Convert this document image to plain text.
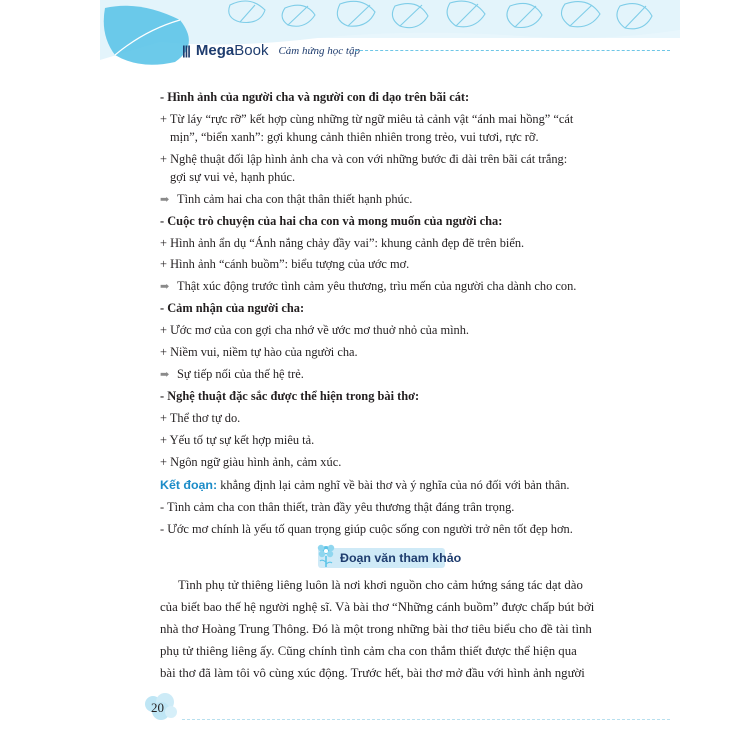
||| MegaBook Cảm hứng học tập
- Hình ảnh của người cha và người con đi dạo trên bãi cát:
+ Từ láy “rực rỡ” kết hợp cùng những từ ngữ miêu tả cảnh vật “ánh mai hồng” “cát
mịn”, “biển xanh”: gợi khung cảnh thiên nhiên trong trẻo, vui tươi, rực rỡ.
+ Nghệ thuật đối lập hình ảnh cha và con với những bước đi dài trên bãi cát trắng:
gợi sự vui vẻ, hạnh phúc.
➡ Tình cảm hai cha con thật thân thiết hạnh phúc.
- Cuộc trò chuyện của hai cha con và mong muốn của người cha:
+ Hình ảnh ẩn dụ “Ánh nắng chảy đầy vai”: khung cảnh đẹp đẽ trên biển.
+ Hình ảnh “cánh buồm”: biểu tượng của ước mơ.
➡ Thật xúc động trước tình cảm yêu thương, trìu mến của người cha dành cho con.
- Cảm nhận của người cha:
+ Ước mơ của con gợi cha nhớ về ước mơ thuở nhỏ của mình.
+ Niềm vui, niềm tự hào của người cha.
➡ Sự tiếp nối của thế hệ trẻ.
- Nghệ thuật đặc sắc được thể hiện trong bài thơ:
+ Thể thơ tự do.
+ Yếu tố tự sự kết hợp miêu tả.
+ Ngôn ngữ giàu hình ảnh, cảm xúc.
Kết đoạn: khẳng định lại cảm nghĩ về bài thơ và ý nghĩa của nó đối với bản thân.
- Tình cảm cha con thân thiết, tràn đầy yêu thương thật đáng trân trọng.
- Ước mơ chính là yếu tố quan trọng giúp cuộc sống con người trở nên tốt đẹp hơn.
Đoạn văn tham khảo
Tình phụ tử thiêng liêng luôn là nơi khơi nguồn cho cảm hứng sáng tác dạt dào
của biết bao thế hệ người nghệ sĩ. Và bài thơ “Những cánh buồm” được chấp bút bởi
nhà thơ Hoàng Trung Thông. Đó là một trong những bài thơ tiêu biểu cho đề tài tình
phụ tử thiêng liêng ấy. Cũng chính tình cảm cha con thắm thiết được thể hiện qua
bài thơ đã làm tôi vô cùng xúc động. Trước hết, bài thơ mở đầu với hình ảnh người
20
